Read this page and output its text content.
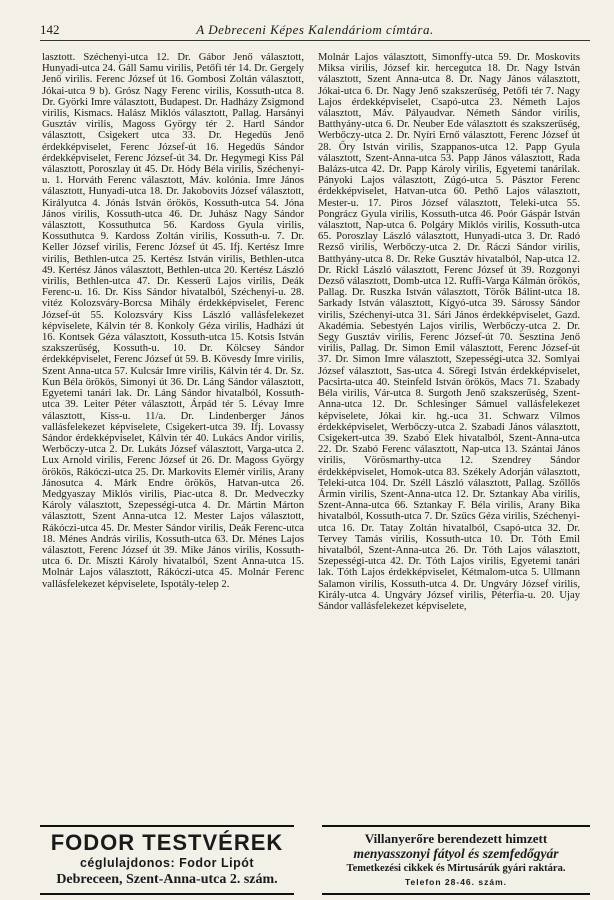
142	A Debreceni Képes Kalendáriom címtára.
lasztott. Széchenyi-utca 12. Dr. Gábor Jenő választott, Hunyadi-utca 24. Gáll Samu virilis, Petőfi tér 14. Dr. Gergely Jenő virilis. Ferenc József út 16. Gombosi Zoltán választott, Jókai-utca 9 b). Grósz Nagy Ferenc virilis, Kossuth-utca 8. Dr. Györki Imre választott, Budapest. Dr. Hadházy Zsigmond virilis, Kismacs. Halász Miklós választott, Pallag. Harsányi Gusztáv virilis, Magoss György tér 2. Hartl Sándor választott, Csigekert utca 33. Dr. Hegedűs Jenő érdekképviselet, Ferenc József-út 16. Hegedűs Sándor érdekképviselet, Ferenc József-út 34. Dr. Hegymegi Kiss Pál választott, Poroszlay út 45. Dr. Hódy Béla virilis, Széchenyi-u. 1. Horváth Ferenc választott, Máv. kolónia. Imre János választott, Hunyadi-utca 18. Dr. Jakobovits József választott, Királyutca 4. Jónás István örökös, Kossuth-utca 54. Jóna János virilis, Kossuth-utca 46. Dr. Juhász Nagy Sándor választott, Kossuthutca 56. Kardoss Gyula virilis, Kossuthutca 9. Kardoss Zoltán virilis, Kossuth-u. 7. Dr. Keller József virilis, Ferenc József út 45. Ifj. Kertész Imre virilis, Bethlen-utca 25. Kertész István virilis, Bethlen-utca 49. Kertész János választott, Bethlen-utca 20. Kertész László virilis, Bethlen-utca 47. Dr. Kesserű Lajos virilis, Deák Ferenc-u. 16. Dr. Kiss Sándor hivatalból, Széchenyi-u. 28. vitéz Kolozsváry-Borcsa Mihály érdekképviselet, Ferenc József-út 55. Kolozsváry Kiss László vallásfelekezet képviselete, Kálvin tér 8. Konkoly Géza virilis, Hadházi út 16. Kontsek Géza választott, Kossuth-utca 15. Kotsis István szakszerűség, Kossuth-u. 10. Dr. Kölcsey Sándor érdekképviselet, Ferenc József út 59. B. Kövesdy Imre virilis, Szent Anna-utca 57. Kulcsár Imre virilis, Kálvin tér 4. Dr. Sz. Kun Béla örökös, Simonyi út 36. Dr. Láng Sándor választott, Egyetemi tanári lak. Dr. Láng Sándor hivatalból, Kossuth-utca 39. Leiter Péter választott, Árpád tér 5. Lévay Imre választott, Kiss-u. 11/a. Dr. Lindenberger János vallásfelekezet képviselete, Csigekert-utca 39. Ifj. Lovassy Sándor érdekképviselet, Kálvin tér 40. Lukács Andor virilis, Werbőczy-utca 2. Dr. Lukáts József választott, Varga-utca 2. Lux Arnold virilis, Ferenc József út 26. Dr. Magoss György örökös, Rákóczi-utca 25. Dr. Markovits Elemér virilis, Arany Jánosutca 4. Márk Endre örökös, Hatvan-utca 26. Medgyaszay Miklós virilis, Piac-utca 8. Dr. Medveczky Károly választott, Szepességi-utca 4. Dr. Mártin Márton választott, Szent Anna-utca 12. Mester Lajos választott, Rákóczi-utca 45. Dr. Mester Sándor virilis, Deák Ferenc-utca 18. Ménes András virilis, Kossuth-utca 63. Dr. Ménes Lajos választott, Ferenc József út 39. Mike János virilis, Kossuth-utca 6. Dr. Miszti Károly hivatalból, Szent Anna-utca 15. Molnár Lajos választott, Rákóczi-utca 45. Molnár Ferenc vallásfelekezet képviselete, Ispotály-telep 2.
Molnár Lajos választott, Simonffy-utca 59. Dr. Moskovits Miksa virilis, József kir. hercegutca 18. Dr. Nagy István választott, Szent Anna-utca 8. Dr. Nagy János választott, Jókai-utca 6. Dr. Nagy Jenő szakszerűség, Petőfi tér 7. Nagy Lajos érdekképviselet, Csapó-utca 23. Németh Lajos választott, Máv. Pályaudvar. Németh Sándor virilis, Batthyány-utca 6. Dr. Neuber Ede választott és szakszerűség, Werbőczy-utca 2. Dr. Nyíri Ernő választott, Ferenc József út 28. Őry István virilis, Szappanos-utca 12. Papp Gyula választott, Szent-Anna-utca 53. Papp János választott, Rada Balázs-utca 42. Dr. Papp Károly virilis, Egyetemi tanárilak. Pányoki Lajos választott, Zúgó-utca 5. Pásztor Ferenc érdekképviselet, Hatvan-utca 60. Pethő Lajos választott, Mester-u. 17. Piros József választott, Teleki-utca 55. Pongrácz Gyula virilis, Kossuth-utca 46. Poór Gáspár István választott, Nap-utca 6. Polgáry Miklós virilis, Kossuth-utca 65. Poroszlay László választott, Hunyadi-utca 3. Dr. Radó Rezső virilis, Werbőczy-utca 2. Dr. Ráczi Sándor virilis, Batthyány-utca 8. Dr. Reke Gusztáv hivatalból, Nap-utca 12. Dr. Rickl László választott, Ferenc József út 39. Rozgonyi Dezső választott, Domb-utca 12. Ruffi-Varga Kálmán örökös, Pallag. Dr. Ruszka István választott, Török Bálint-utca 18. Sarkady István választott, Kígyó-utca 39. Sárossy Sándor virilis, Széchenyi-utca 31. Sári János érdekképviselet, Gazd. Akadémia. Sebestyén Lajos virilis, Werbőczy-utca 2. Dr. Segy Gusztáv virilis, Ferenc József-út 70. Sesztina Jenő virilis, Pallag. Dr. Simon Emil választott, Ferenc József-út 37. Dr. Simon Imre választott, Szepességi-utca 32. Somlyai József választott, Sas-utca 4. Sőregi István érdekképviselet, Pacsirta-utca 40. Steinfeld István örökös, Macs 71. Szabady Béla virilis, Vár-utca 8. Surgoth Jenő szakszerűség, Szent-Anna-utca 12. Dr. Schlesinger Sámuel vallásfelekezet képviselete, Jókai kir. hg.-uca 31. Schwarz Vilmos érdekképviselet, Werbőczy-utca 2. Szabadi János választott, Csigekert-utca 39. Szabó Elek hivatalból, Szent-Anna-utca 22. Dr. Szabó Ferenc választott, Nap-utca 13. Szántai János virilis, Vörösmarthy-utca 12. Szendrey Sándor érdekképviselet, Homok-utca 83. Székely Adorján választott, Teleki-utca 104. Dr. Széll László választott, Pallag. Szőllős Ármin virilis, Szent-Anna-utca 12. Dr. Sztankay Aba virilis, Szent-Anna-utca 66. Sztankay F. Béla virilis, Arany Bika hivatalból, Kossuth-utca 7. Dr. Szűcs Géza virilis, Széchenyi-utca 16. Dr. Tatay Zoltán hivatalból, Csapó-utca 32. Dr. Tervey Tamás virilis, Kossuth-utca 10. Dr. Tóth Emil hivatalból, Szent-Anna-utca 26. Dr. Tóth Lajos választott, Szepességi-utca 42. Dr. Tóth Lajos virilis, Egyetemi tanári lak. Tóth Lajos érdekképviselet, Kétmalom-utca 5. Ullmann Salamon virilis, Kossuth-utca 4. Dr. Ungváry József virilis, Király-utca 4. Ungváry József virilis, Péterfia-u. 20. Ujay Sándor vallásfelekezet képviselete,
FODOR TESTVÉREK
céglulajdonos: Fodor Lipót
Debreceen, Szent-Anna-utca 2. szám.
Villanyerőre berendezett himzett
menyasszonyi fátyol és szemfedőgyár
Temetkezési cikkek és Mirtusárúk gyári raktára.
Telefon 28-46. szám.
